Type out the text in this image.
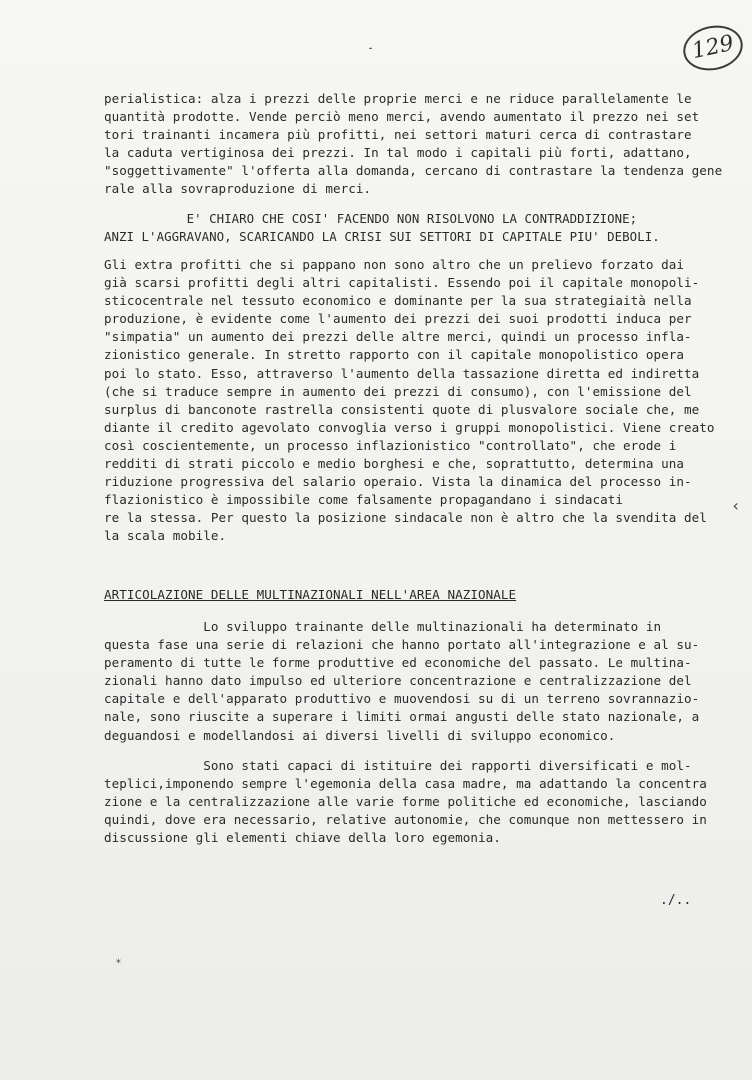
129
⁃
⁎
‹
perialistica: alza i prezzi delle proprie merci e ne riduce parallelamente le
quantità prodotte. Vende perciò meno merci, avendo aumentato il prezzo nei set
tori trainanti incamera più profitti, nei settori maturi cerca di contrastare
la caduta vertiginosa dei prezzi. In tal modo i capitali più forti, adattano,
"soggettivamente" l'offerta alla domanda, cercano di contrastare la tendenza gene
rale alla sovraproduzione di merci.
E' CHIARO CHE COSI' FACENDO NON RISOLVONO LA CONTRADDIZIONE;
ANZI L'AGGRAVANO, SCARICANDO LA CRISI SUI SETTORI DI CAPITALE PIU' DEBOLI.
Gli extra profitti che si pappano non sono altro che un prelievo forzato dai
già scarsi profitti degli altri capitalisti. Essendo poi il capitale monopoli-
sticocentrale nel tessuto economico e dominante per la sua strategiaità nella
produzione, è evidente come l'aumento dei prezzi dei suoi prodotti induca per
"simpatia" un aumento dei prezzi delle altre merci, quindi un processo infla-
zionistico generale. In stretto rapporto con il capitale monopolistico opera
poi lo stato. Esso, attraverso l'aumento della tassazione diretta ed indiretta
(che si traduce sempre in aumento dei prezzi di consumo), con l'emissione del
surplus di banconote rastrella consistenti quote di plusvalore sociale che, me
diante il credito agevolato convoglia verso i gruppi monopolistici. Viene creato
così coscientemente, un processo inflazionistico "controllato", che erode i
redditi di strati piccolo e medio borghesi e che, soprattutto, determina una
riduzione progressiva del salario operaio. Vista la dinamica del processo in-
flazionistico è impossibile come falsamente propagandano i sindacati
re la stessa. Per questo la posizione sindacale non è altro che la svendita del
la scala mobile.
ARTICOLAZIONE DELLE MULTINAZIONALI NELL'AREA NAZIONALE
Lo sviluppo trainante delle multinazionali ha determinato in
questa fase una serie di relazioni che hanno portato all'integrazione e al su-
peramento di tutte le forme produttive ed economiche del passato. Le multina-
zionali hanno dato impulso ed ulteriore concentrazione e centralizzazione del
capitale e dell'apparato produttivo e muovendosi su di un terreno sovrannazio-
nale, sono riuscite a superare i limiti ormai angusti delle stato nazionale, a
deguandosi e modellandosi ai diversi livelli di sviluppo economico.
Sono stati capaci di istituire dei rapporti diversificati e mol-
teplici,imponendo sempre l'egemonia della casa madre, ma adattando la concentra
zione e la centralizzazione alle varie forme politiche ed economiche, lasciando
quindi, dove era necessario, relative autonomie, che comunque non mettessero in
discussione gli elementi chiave della loro egemonia.
./..
